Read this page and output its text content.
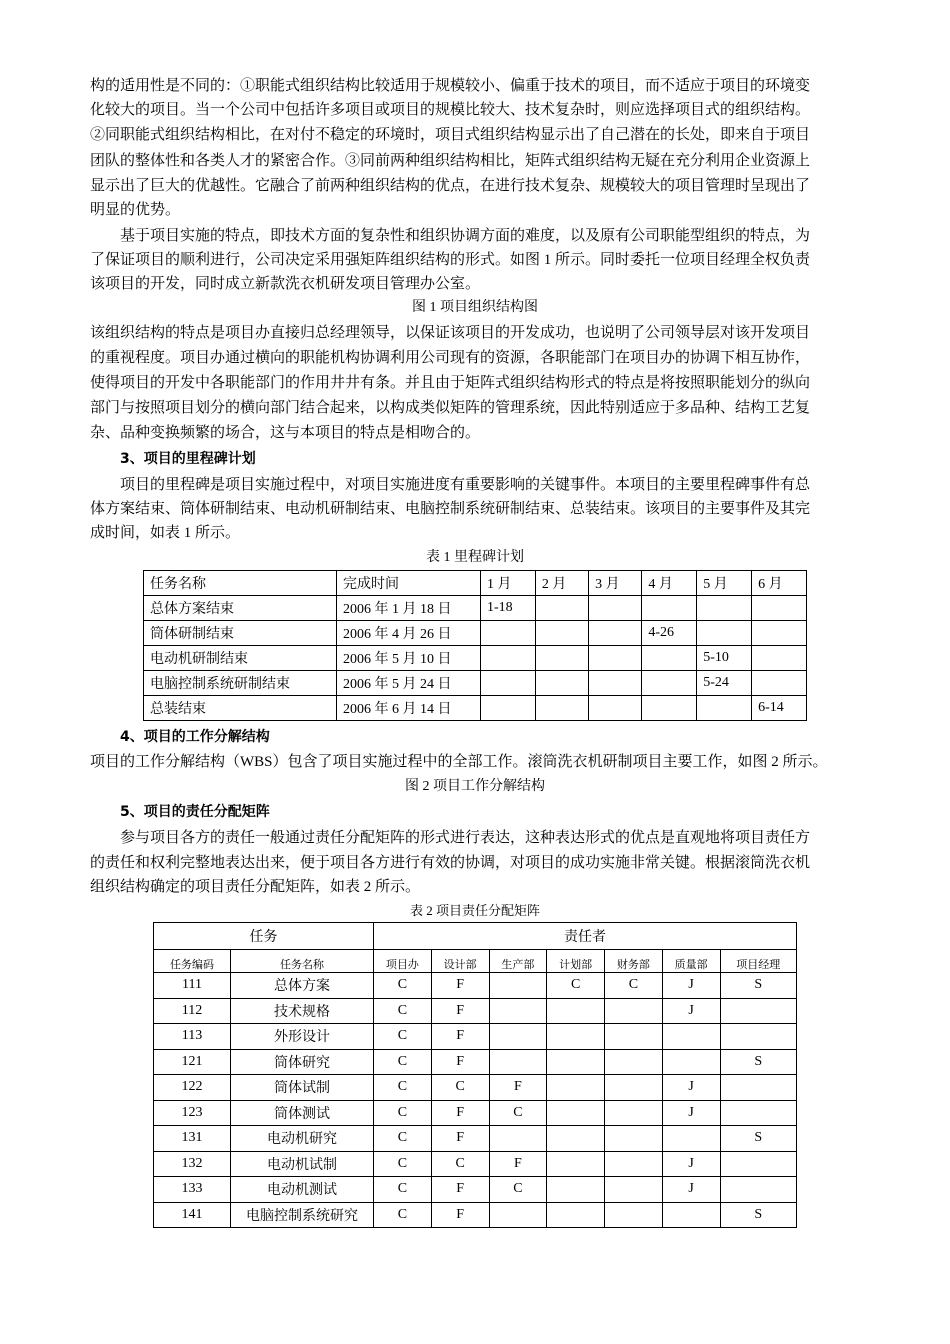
构的适用性是不同的：①职能式组织结构比较适用于规模较小、偏重于技术的项目，而不适应于项目的环境变
化较大的项目。当一个公司中包括许多项目或项目的规模比较大、技术复杂时，则应选择项目式的组织结构。
②同职能式组织结构相比，在对付不稳定的环境时，项目式组织结构显示出了自己潜在的长处，即来自于项目
团队的整体性和各类人才的紧密合作。③同前两种组织结构相比，矩阵式组织结构无疑在充分利用企业资源上
显示出了巨大的优越性。它融合了前两种组织结构的优点，在进行技术复杂、规模较大的项目管理时呈现出了
明显的优势。
基于项目实施的特点，即技术方面的复杂性和组织协调方面的难度，以及原有公司职能型组织的特点，为
了保证项目的顺利进行，公司决定采用强矩阵组织结构的形式。如图 1 所示。同时委托一位项目经理全权负责
该项目的开发，同时成立新款洗衣机研发项目管理办公室。
图 1 项目组织结构图
该组织结构的特点是项目办直接归总经理领导，以保证该项目的开发成功，也说明了公司领导层对该开发项目
的重视程度。项目办通过横向的职能机构协调利用公司现有的资源，各职能部门在项目办的协调下相互协作，
使得项目的开发中各职能部门的作用井井有条。并且由于矩阵式组织结构形式的特点是将按照职能划分的纵向
部门与按照项目划分的横向部门结合起来，以构成类似矩阵的管理系统，因此特别适应于多品种、结构工艺复
杂、品种变换频繁的场合，这与本项目的特点是相吻合的。
3、项目的里程碑计划
项目的里程碑是项目实施过程中，对项目实施进度有重要影响的关键事件。本项目的主要里程碑事件有总
体方案结束、筒体研制结束、电动机研制结束、电脑控制系统研制结束、总装结束。该项目的主要事件及其完
成时间，如表 1 所示。
表 1 里程碑计划
任务名称	完成时间	1 月	2 月	3 月	4 月	5 月	6 月
总体方案结束	2006 年 1 月 18 日	1-18					
筒体研制结束	2006 年 4 月 26 日				4-26		
电动机研制结束	2006 年 5 月 10 日					5-10	
电脑控制系统研制结束	2006 年 5 月 24 日					5-24	
总装结束	2006 年 6 月 14 日						6-14
4、项目的工作分解结构
项目的工作分解结构（WBS）包含了项目实施过程中的全部工作。滚筒洗衣机研制项目主要工作，如图 2 所示。
图 2 项目工作分解结构
5、项目的责任分配矩阵
参与项目各方的责任一般通过责任分配矩阵的形式进行表达，这种表达形式的优点是直观地将项目责任方
的责任和权利完整地表达出来，便于项目各方进行有效的协调，对项目的成功实施非常关键。根据滚筒洗衣机
组织结构确定的项目责任分配矩阵，如表 2 所示。
表 2 项目责任分配矩阵
任务		责任者						
任务编码	任务名称	项目办	设计部	生产部	计划部	财务部	质量部	项目经理
111	总体方案	C	F		C	C	J	S
112	技术规格	C	F				J	
113	外形设计	C	F					
121	筒体研究	C	F					S
122	筒体试制	C	C	F			J	
123	筒体测试	C	F	C			J	
131	电动机研究	C	F					S
132	电动机试制	C	C	F			J	
133	电动机测试	C	F	C			J	
141	电脑控制系统研究	C	F					S
